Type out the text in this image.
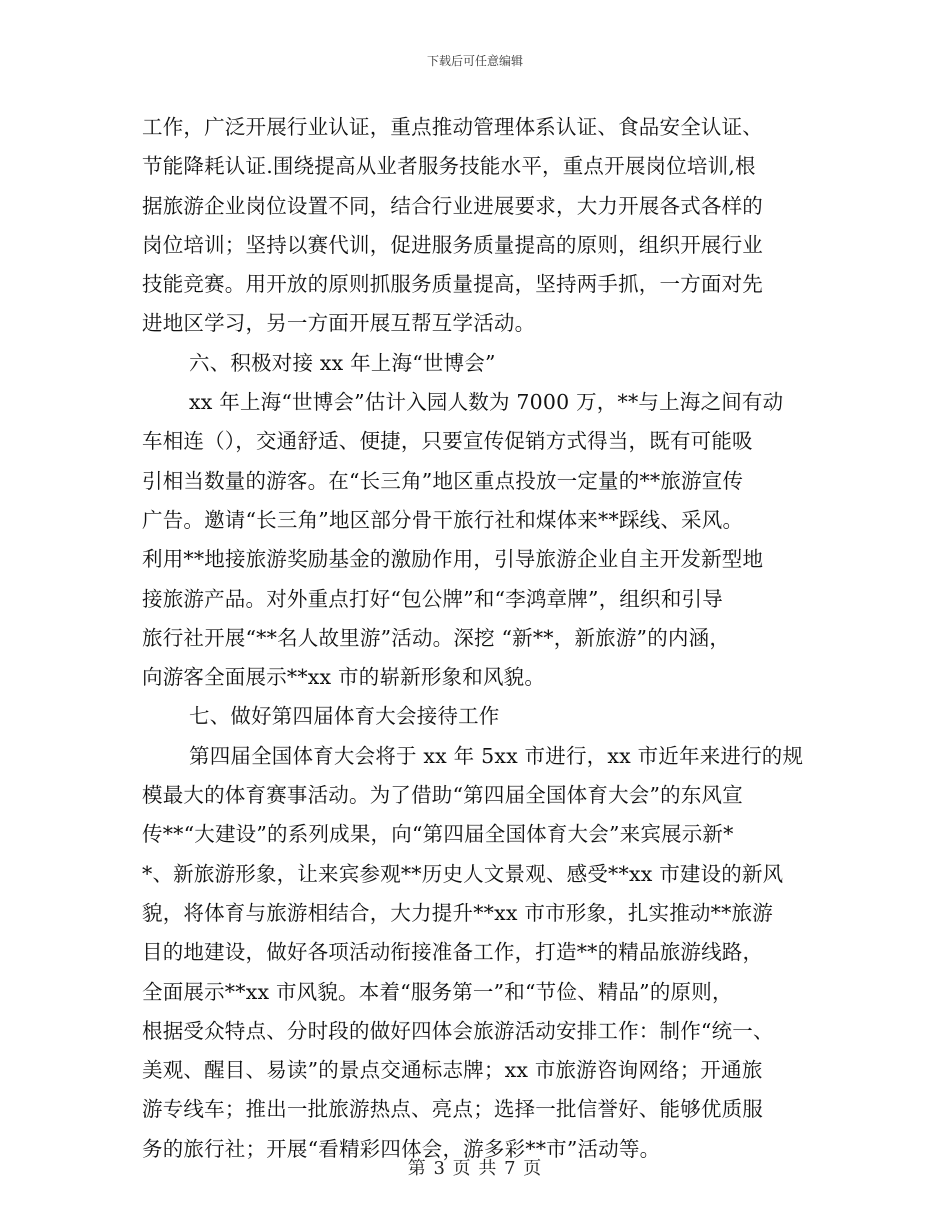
下载后可任意编辑
工作，广泛开展行业认证，重点推动管理体系认证、食品安全认证、
节能降耗认证.围绕提高从业者服务技能水平，重点开展岗位培训,根
据旅游企业岗位设置不同，结合行业进展要求，大力开展各式各样的
岗位培训；坚持以赛代训，促进服务质量提高的原则，组织开展行业
技能竞赛。用开放的原则抓服务质量提高，坚持两手抓，一方面对先
进地区学习，另一方面开展互帮互学活动。
六、积极对接 xx 年上海“世博会”
xx 年上海“世博会”估计入园人数为 7000 万，**与上海之间有动
车相连（），交通舒适、便捷，只要宣传促销方式得当，既有可能吸
引相当数量的游客。在“长三角”地区重点投放一定量的**旅游宣传
广告。邀请“长三角”地区部分骨干旅行社和煤体来**踩线、采风。
利用**地接旅游奖励基金的激励作用，引导旅游企业自主开发新型地
接旅游产品。对外重点打好“包公牌”和“李鸿章牌”，组织和引导
旅行社开展“**名人故里游”活动。深挖 “新**，新旅游”的内涵，
向游客全面展示**xx 市的崭新形象和风貌。
七、做好第四届体育大会接待工作
第四届全国体育大会将于 xx 年 5xx 市进行，xx 市近年来进行的规
模最大的体育赛事活动。为了借助“第四届全国体育大会”的东风宣
传**“大建设”的系列成果，向“第四届全国体育大会”来宾展示新*
*、新旅游形象，让来宾参观**历史人文景观、感受**xx 市建设的新风
貌，将体育与旅游相结合，大力提升**xx 市市形象，扎实推动**旅游
目的地建设，做好各项活动衔接准备工作，打造**的精品旅游线路，
全面展示**xx 市风貌。本着“服务第一”和“节俭、精品”的原则，
根据受众特点、分时段的做好四体会旅游活动安排工作：制作“统一、
美观、醒目、易读”的景点交通标志牌；xx 市旅游咨询网络；开通旅
游专线车；推出一批旅游热点、亮点；选择一批信誉好、能够优质服
务的旅行社；开展“看精彩四体会，游多彩**市”活动等。
第 3 页 共 7 页
